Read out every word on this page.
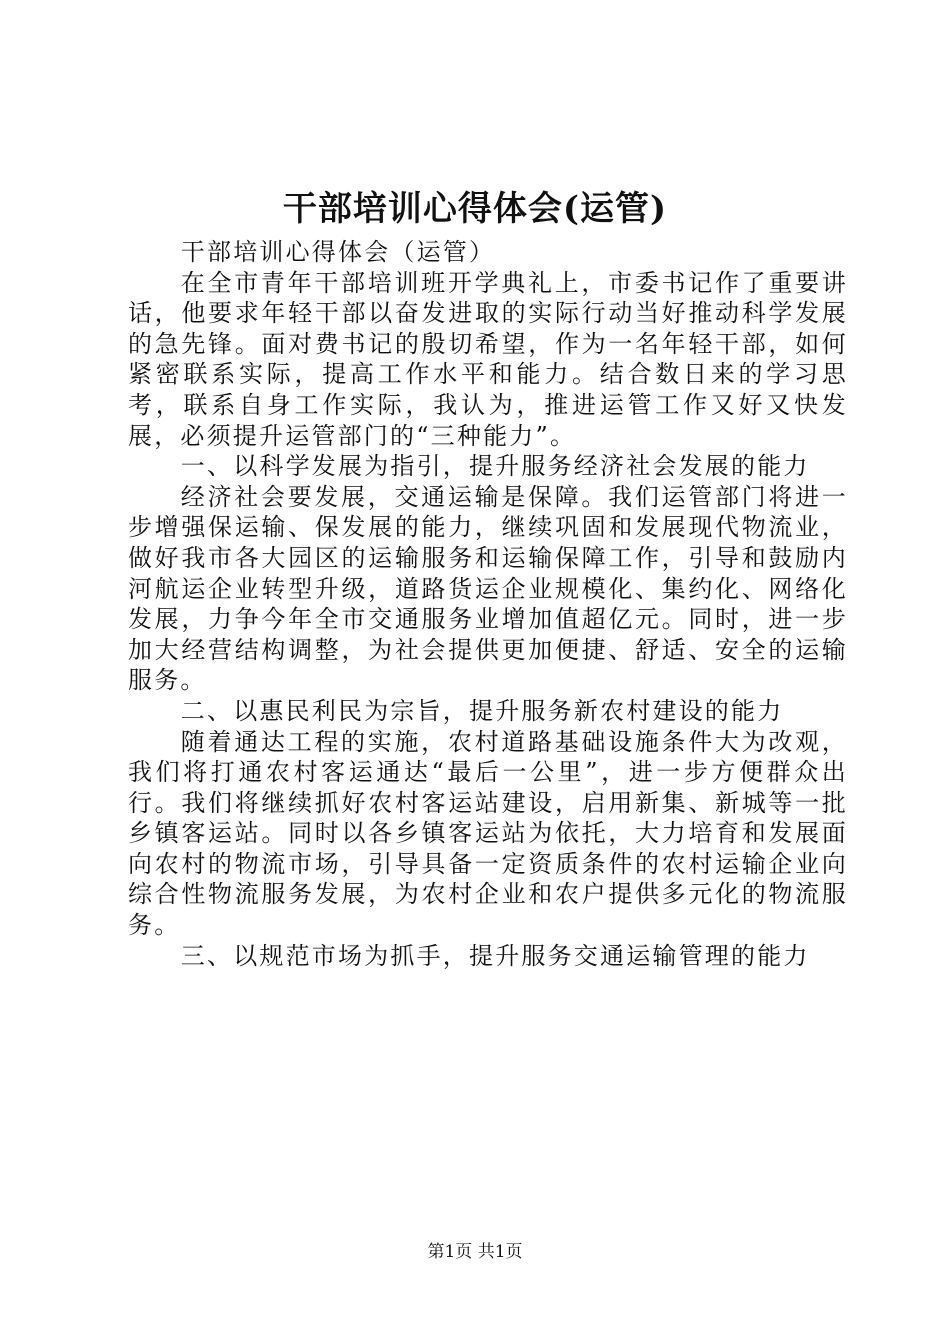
干部培训心得体会(运管)

干部培训心得体会（运管）

在全市青年干部培训班开学典礼上，市委书记作了重要讲话，他要求年轻干部以奋发进取的实际行动当好推动科学发展的急先锋。面对费书记的殷切希望，作为一名年轻干部，如何紧密联系实际，提高工作水平和能力。结合数日来的学习思考，联系自身工作实际，我认为，推进运管工作又好又快发展，必须提升运管部门的“三种能力”。

一、以科学发展为指引，提升服务经济社会发展的能力

经济社会要发展，交通运输是保障。我们运管部门将进一步增强保运输、保发展的能力，继续巩固和发展现代物流业，做好我市各大园区的运输服务和运输保障工作，引导和鼓励内河航运企业转型升级，道路货运企业规模化、集约化、网络化发展，力争今年全市交通服务业增加值超亿元。同时，进一步加大经营结构调整，为社会提供更加便捷、舒适、安全的运输服务。

二、以惠民利民为宗旨，提升服务新农村建设的能力

随着通达工程的实施，农村道路基础设施条件大为改观，我们将打通农村客运通达“最后一公里”，进一步方便群众出行。我们将继续抓好农村客运站建设，启用新集、新城等一批乡镇客运站。同时以各乡镇客运站为依托，大力培育和发展面向农村的物流市场，引导具备一定资质条件的农村运输企业向综合性物流服务发展，为农村企业和农户提供多元化的物流服务。

三、以规范市场为抓手，提升服务交通运输管理的能力

第1页 共1页
